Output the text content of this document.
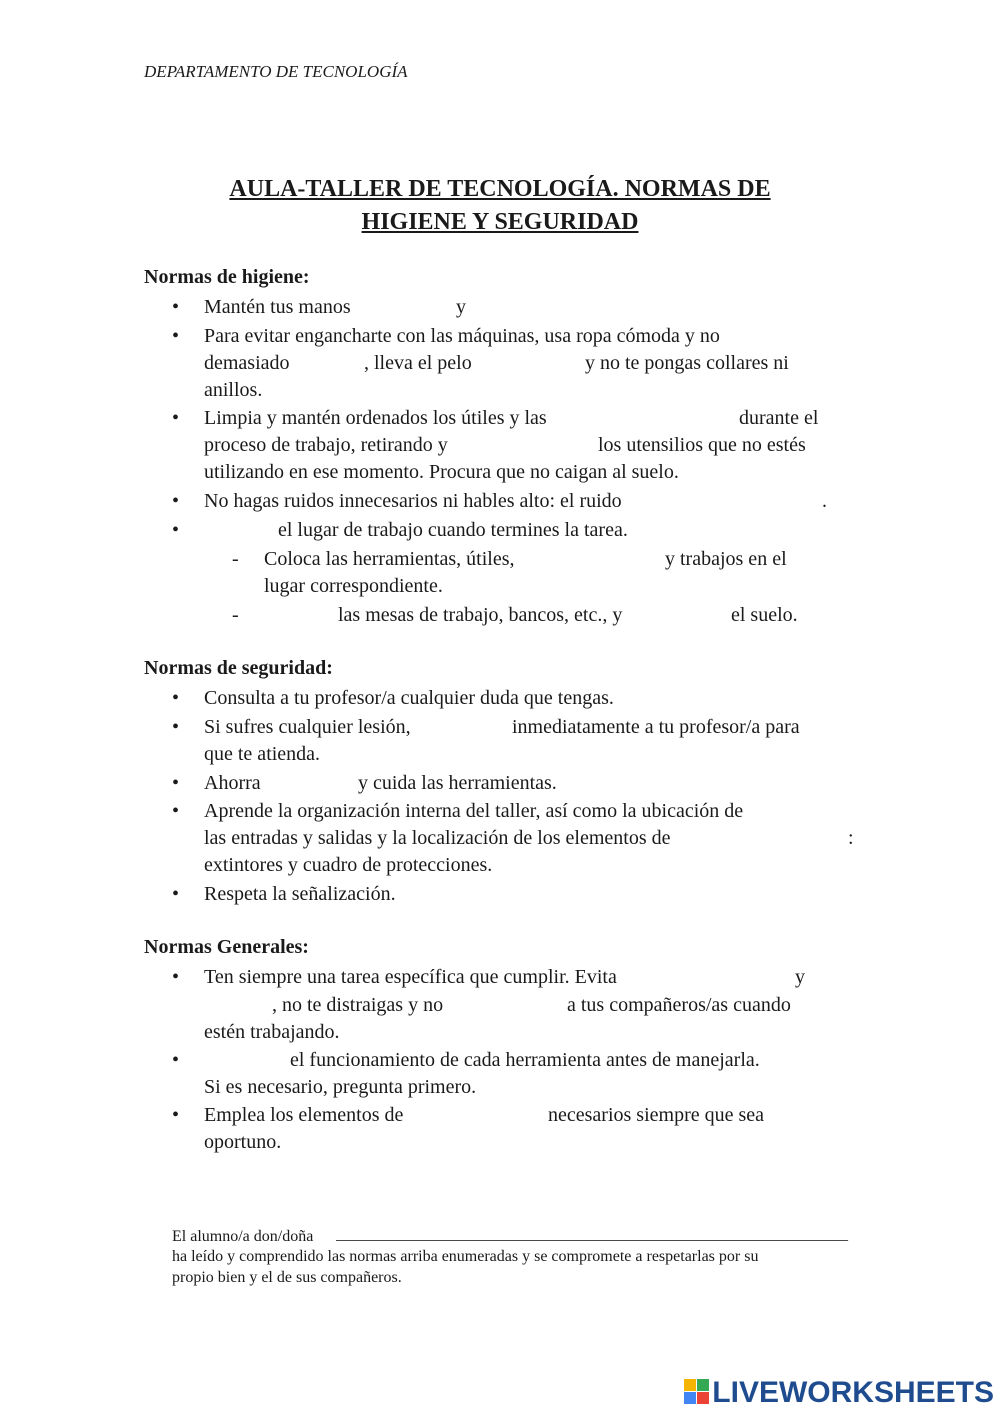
DEPARTAMENTO DE TECNOLOGÍA
AULA-TALLER DE TECNOLOGÍA. NORMAS DE
HIGIENE Y SEGURIDAD
Normas de higiene:
• Mantén tus manos	y
• Para evitar engancharte con las máquinas, usa ropa cómoda y no
demasiado	, lleva el pelo	y no te pongas collares ni
anillos.
• Limpia y mantén ordenados los útiles y las	durante el
proceso de trabajo, retirando y	los utensilios que no estés
utilizando en ese momento. Procura que no caigan al suelo.
• No hagas ruidos innecesarios ni hables alto: el ruido	.
•	el lugar de trabajo cuando termines la tarea.
- Coloca las herramientas, útiles,	y trabajos en el
lugar correspondiente.
-	las mesas de trabajo, bancos, etc., y	el suelo.
Normas de seguridad:
• Consulta a tu profesor/a cualquier duda que tengas.
• Si sufres cualquier lesión,	inmediatamente a tu profesor/a para
que te atienda.
• Ahorra	y cuida las herramientas.
• Aprende la organización interna del taller, así como la ubicación de
las entradas y salidas y la localización de los elementos de	:
extintores y cuadro de protecciones.
• Respeta la señalización.
Normas Generales:
• Ten siempre una tarea específica que cumplir. Evita	y
, no te distraigas y no	a tus compañeros/as cuando
estén trabajando.
•	el funcionamiento de cada herramienta antes de manejarla.
Si es necesario, pregunta primero.
• Emplea los elementos de	necesarios siempre que sea
oportuno.
El alumno/a don/doña ________________________________________________________________
ha leído y comprendido las normas arriba enumeradas y se compromete a respetarlas por su
propio bien y el de sus compañeros.
LIVEWORKSHEETS
